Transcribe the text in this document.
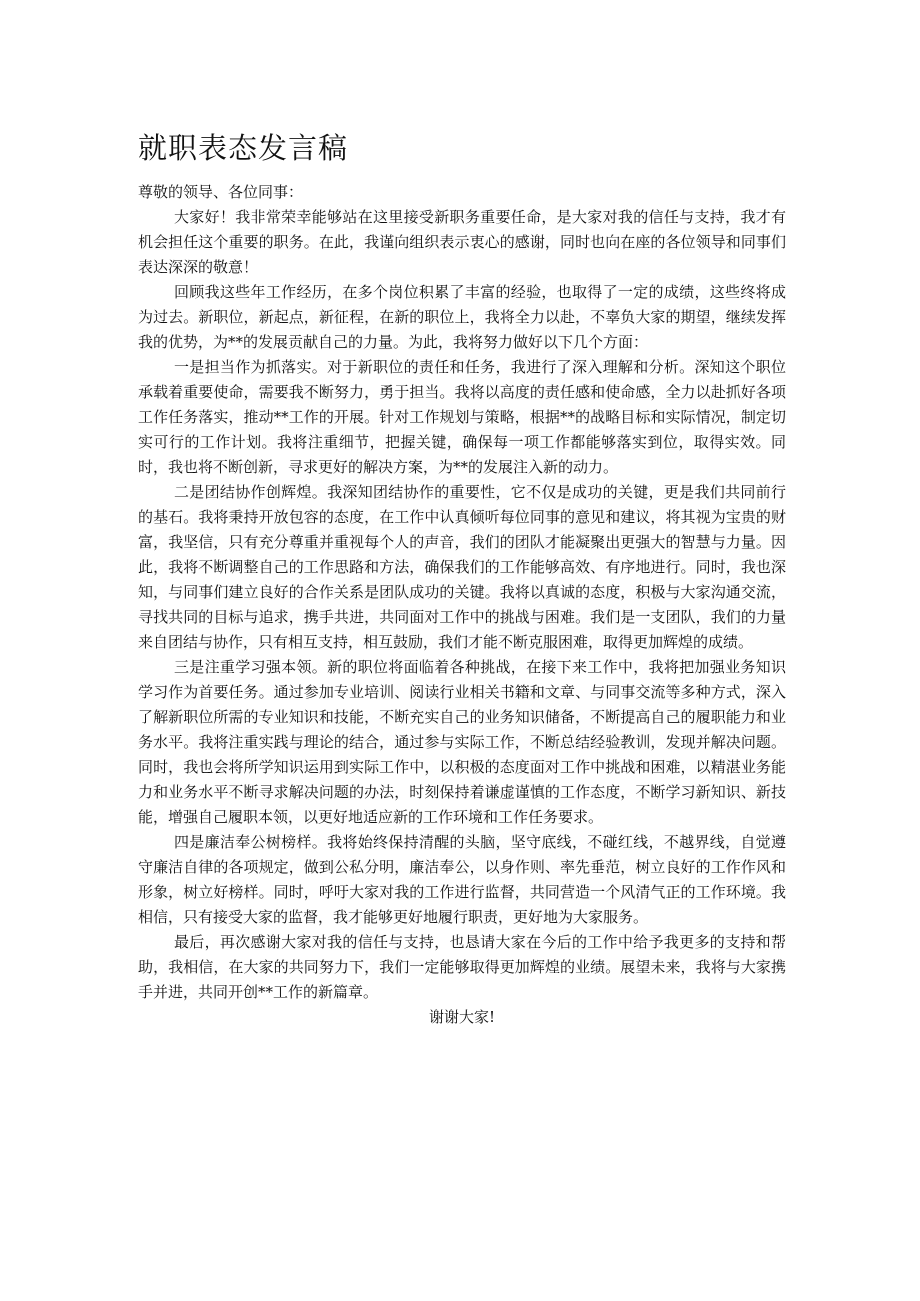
就职表态发言稿

尊敬的领导、各位同事：

大家好！我非常荣幸能够站在这里接受新职务重要任命，是大家对我的信任与支持，我才有机会担任这个重要的职务。在此，我谨向组织表示衷心的感谢，同时也向在座的各位领导和同事们表达深深的敬意！

回顾我这些年工作经历，在多个岗位积累了丰富的经验，也取得了一定的成绩，这些终将成为过去。新职位，新起点，新征程，在新的职位上，我将全力以赴，不辜负大家的期望，继续发挥我的优势，为**的发展贡献自己的力量。为此，我将努力做好以下几个方面：

一是担当作为抓落实。对于新职位的责任和任务，我进行了深入理解和分析。深知这个职位承载着重要使命，需要我不断努力，勇于担当。我将以高度的责任感和使命感，全力以赴抓好各项工作任务落实，推动**工作的开展。针对工作规划与策略，根据**的战略目标和实际情况，制定切实可行的工作计划。我将注重细节，把握关键，确保每一项工作都能够落实到位，取得实效。同时，我也将不断创新，寻求更好的解决方案，为**的发展注入新的动力。

二是团结协作创辉煌。我深知团结协作的重要性，它不仅是成功的关键，更是我们共同前行的基石。我将秉持开放包容的态度，在工作中认真倾听每位同事的意见和建议，将其视为宝贵的财富，我坚信，只有充分尊重并重视每个人的声音，我们的团队才能凝聚出更强大的智慧与力量。因此，我将不断调整自己的工作思路和方法，确保我们的工作能够高效、有序地进行。同时，我也深知，与同事们建立良好的合作关系是团队成功的关键。我将以真诚的态度，积极与大家沟通交流，寻找共同的目标与追求，携手共进，共同面对工作中的挑战与困难。我们是一支团队，我们的力量来自团结与协作，只有相互支持，相互鼓励，我们才能不断克服困难，取得更加辉煌的成绩。

三是注重学习强本领。新的职位将面临着各种挑战，在接下来工作中，我将把加强业务知识学习作为首要任务。通过参加专业培训、阅读行业相关书籍和文章、与同事交流等多种方式，深入了解新职位所需的专业知识和技能，不断充实自己的业务知识储备，不断提高自己的履职能力和业务水平。我将注重实践与理论的结合，通过参与实际工作，不断总结经验教训，发现并解决问题。同时，我也会将所学知识运用到实际工作中，以积极的态度面对工作中挑战和困难，以精湛业务能力和业务水平不断寻求解决问题的办法，时刻保持着谦虚谨慎的工作态度，不断学习新知识、新技能，增强自己履职本领，以更好地适应新的工作环境和工作任务要求。

四是廉洁奉公树榜样。我将始终保持清醒的头脑，坚守底线，不碰红线，不越界线，自觉遵守廉洁自律的各项规定，做到公私分明，廉洁奉公，以身作则、率先垂范，树立良好的工作作风和形象，树立好榜样。同时，呼吁大家对我的工作进行监督，共同营造一个风清气正的工作环境。我相信，只有接受大家的监督，我才能够更好地履行职责，更好地为大家服务。

最后，再次感谢大家对我的信任与支持，也恳请大家在今后的工作中给予我更多的支持和帮助，我相信，在大家的共同努力下，我们一定能够取得更加辉煌的业绩。展望未来，我将与大家携手并进，共同开创**工作的新篇章。

谢谢大家!
